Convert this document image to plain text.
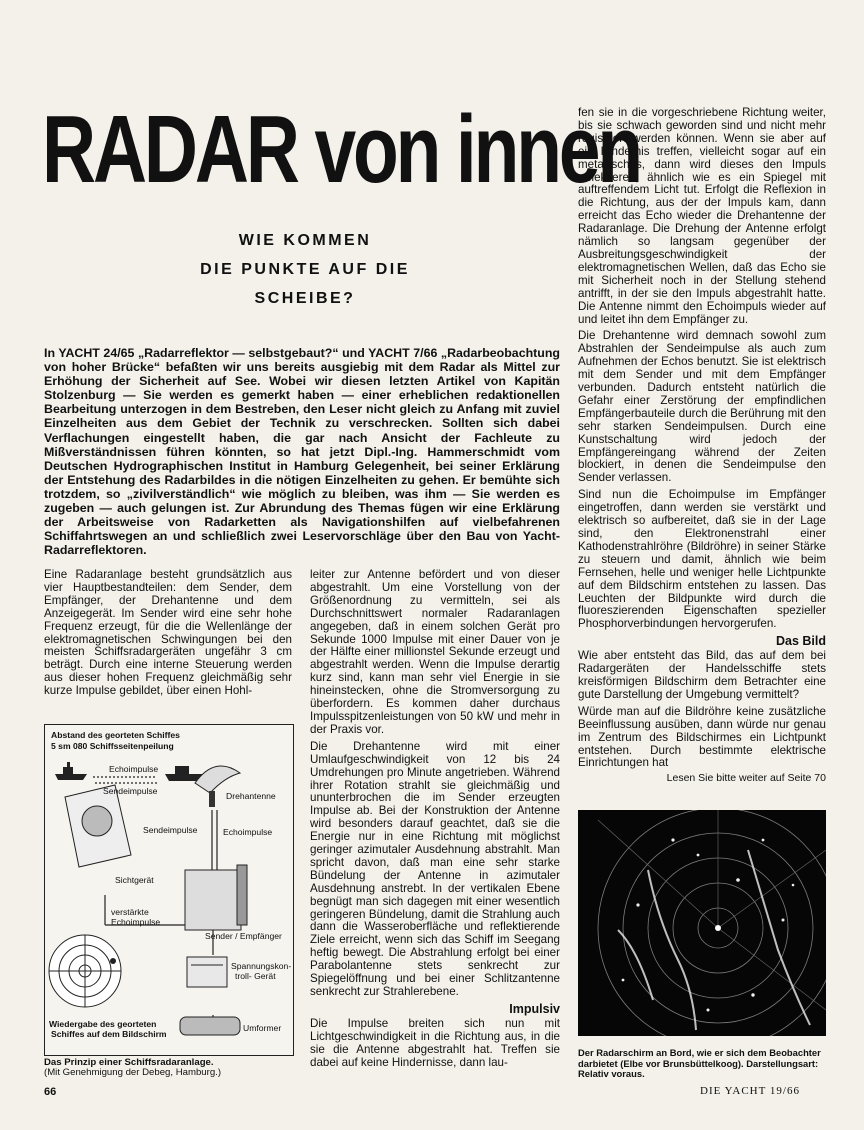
RADAR von innen
WIE KOMMEN
DIE PUNKTE AUF DIE
SCHEIBE?
In YACHT 24/65 „Radarreflektor — selbstgebaut?“ und YACHT 7/66 „Radarbeobachtung von hoher Brücke“ befaßten wir uns bereits ausgiebig mit dem Radar als Mittel zur Erhöhung der Sicherheit auf See. Wobei wir diesen letzten Artikel von Kapitän Stolzenburg — Sie werden es gemerkt haben — einer erheblichen redaktionellen Bearbeitung unterzogen in dem Bestreben, den Leser nicht gleich zu Anfang mit zuviel Einzelheiten aus dem Gebiet der Technik zu verschrecken. Sollten sich dabei Verflachungen eingestellt haben, die gar nach Ansicht der Fachleute zu Mißverständnissen führen könnten, so hat jetzt Dipl.-Ing. Hammerschmidt vom Deutschen Hydrographischen Institut in Hamburg Gelegenheit, bei seiner Erklärung der Entstehung des Radarbildes in die nötigen Einzelheiten zu gehen. Er bemühte sich trotzdem, so „zivilverständlich“ wie möglich zu bleiben, was ihm — Sie werden es zugeben — auch gelungen ist. Zur Abrundung des Themas fügen wir eine Erklärung der Arbeitsweise von Radarketten als Navigationshilfen auf vielbefahrenen Schiffahrtswegen an und schließlich zwei Leservorschläge über den Bau von Yacht-Radarreflektoren.

Eine Radaranlage besteht grundsätzlich aus vier Hauptbestandteilen: dem Sender, dem Empfänger, der Drehantenne und dem Anzeigegerät. Im Sender wird eine sehr hohe Frequenz erzeugt, für die die Wellenlänge der elektromagnetischen Schwingungen bei den meisten Schiffsradargeräten ungefähr 3 cm beträgt. Durch eine interne Steuerung werden aus dieser hohen Frequenz gleichmäßig sehr kurze Impulse gebildet, über einen Hohl-

Abstand des georteten Schiffes
5 sm 080 Schiffsseitenpeilung
Echoimpulse
Sendeimpulse	Drehantenne
Sendeimpulse	Echoimpulse
Sichtgerät
verstärkte
Echoimpulse
Sender / Empfänger
Spannungskon-
troll- Gerät
Wiedergabe des georteten
Schiffes auf dem Bildschirm
Umformer
Das Prinzip einer Schiffsradaranlage.
(Mit Genehmigung der Debeg, Hamburg.)

leiter zur Antenne befördert und von dieser abgestrahlt. Um eine Vorstellung von der Größenordnung zu vermitteln, sei als Durchschnittswert normaler Radaranlagen angegeben, daß in einem solchen Gerät pro Sekunde 1000 Impulse mit einer Dauer von je der Hälfte einer millionstel Sekunde erzeugt und abgestrahlt werden. Wenn die Impulse derartig kurz sind, kann man sehr viel Energie in sie hineinstecken, ohne die Stromversorgung zu überfordern. Es kommen daher durchaus Impulsspitzenleistungen von 50 kW und mehr in der Praxis vor.

Die Drehantenne wird mit einer Umlaufgeschwindigkeit von 12 bis 24 Umdrehungen pro Minute angetrieben. Während ihrer Rotation strahlt sie gleichmäßig und ununterbrochen die im Sender erzeugten Impulse ab. Bei der Konstruktion der Antenne wird besonders darauf geachtet, daß sie die Energie nur in eine Richtung mit möglichst geringer azimutaler Ausdehnung abstrahlt. Man spricht davon, daß man eine sehr starke Bündelung der Antenne in azimutaler Ausdehnung anstrebt. In der vertikalen Ebene begnügt man sich dagegen mit einer wesentlich geringeren Bündelung, damit die Strahlung auch dann die Wasseroberfläche und reflektierende Ziele erreicht, wenn sich das Schiff im Seegang heftig bewegt. Die Abstrahlung erfolgt bei einer Parabolantenne stets senkrecht zur Spiegelöffnung und bei einer Schlitzantenne senkrecht zur Strahlerebene.

Impulsiv

Die Impulse breiten sich nun mit Lichtgeschwindigkeit in die Richtung aus, in die sie die Antenne abgestrahlt hat. Treffen sie dabei auf keine Hindernisse, dann lau-

fen sie in die vorgeschriebene Richtung weiter, bis sie schwach geworden sind und nicht mehr registriert werden können. Wenn sie aber auf ein Hindernis treffen, vielleicht sogar auf ein metallisches, dann wird dieses den Impuls reflektieren, ähnlich wie es ein Spiegel mit auftreffendem Licht tut. Erfolgt die Reflexion in die Richtung, aus der der Impuls kam, dann erreicht das Echo wieder die Drehantenne der Radaranlage. Die Drehung der Antenne erfolgt nämlich so langsam gegenüber der Ausbreitungsgeschwindigkeit der elektromagnetischen Wellen, daß das Echo sie mit Sicherheit noch in der Stellung stehend antrifft, in der sie den Impuls abgestrahlt hatte. Die Antenne nimmt den Echoimpuls wieder auf und leitet ihn dem Empfänger zu.

Die Drehantenne wird demnach sowohl zum Abstrahlen der Sendeimpulse als auch zum Aufnehmen der Echos benutzt. Sie ist elektrisch mit dem Sender und mit dem Empfänger verbunden. Dadurch entsteht natürlich die Gefahr einer Zerstörung der empfindlichen Empfängerbauteile durch die Berührung mit den sehr starken Sendeimpulsen. Durch eine Kunstschaltung wird jedoch der Empfängereingang während der Zeiten blockiert, in denen die Sendeimpulse den Sender verlassen.

Sind nun die Echoimpulse im Empfänger eingetroffen, dann werden sie verstärkt und elektrisch so aufbereitet, daß sie in der Lage sind, den Elektronenstrahl einer Kathodenstrahlröhre (Bildröhre) in seiner Stärke zu steuern und damit, ähnlich wie beim Fernsehen, helle und weniger helle Lichtpunkte auf dem Bildschirm entstehen zu lassen. Das Leuchten der Bildpunkte wird durch die fluoreszierenden Eigenschaften spezieller Phosphorverbindungen hervorgerufen.

Das Bild

Wie aber entsteht das Bild, das auf dem bei Radargeräten der Handelsschiffe stets kreisförmigen Bildschirm dem Betrachter eine gute Darstellung der Umgebung vermittelt?

Würde man auf die Bildröhre keine zusätzliche Beeinflussung ausüben, dann würde nur genau im Zentrum des Bildschirmes ein Lichtpunkt entstehen. Durch bestimmte elektrische Einrichtungen hat

Lesen Sie bitte weiter auf Seite 70
Der Radarschirm an Bord, wie er sich dem Beobachter darbietet (Elbe vor Brunsbüttelkoog). Darstellungsart: Relativ voraus.
66	DIE YACHT 19/66
